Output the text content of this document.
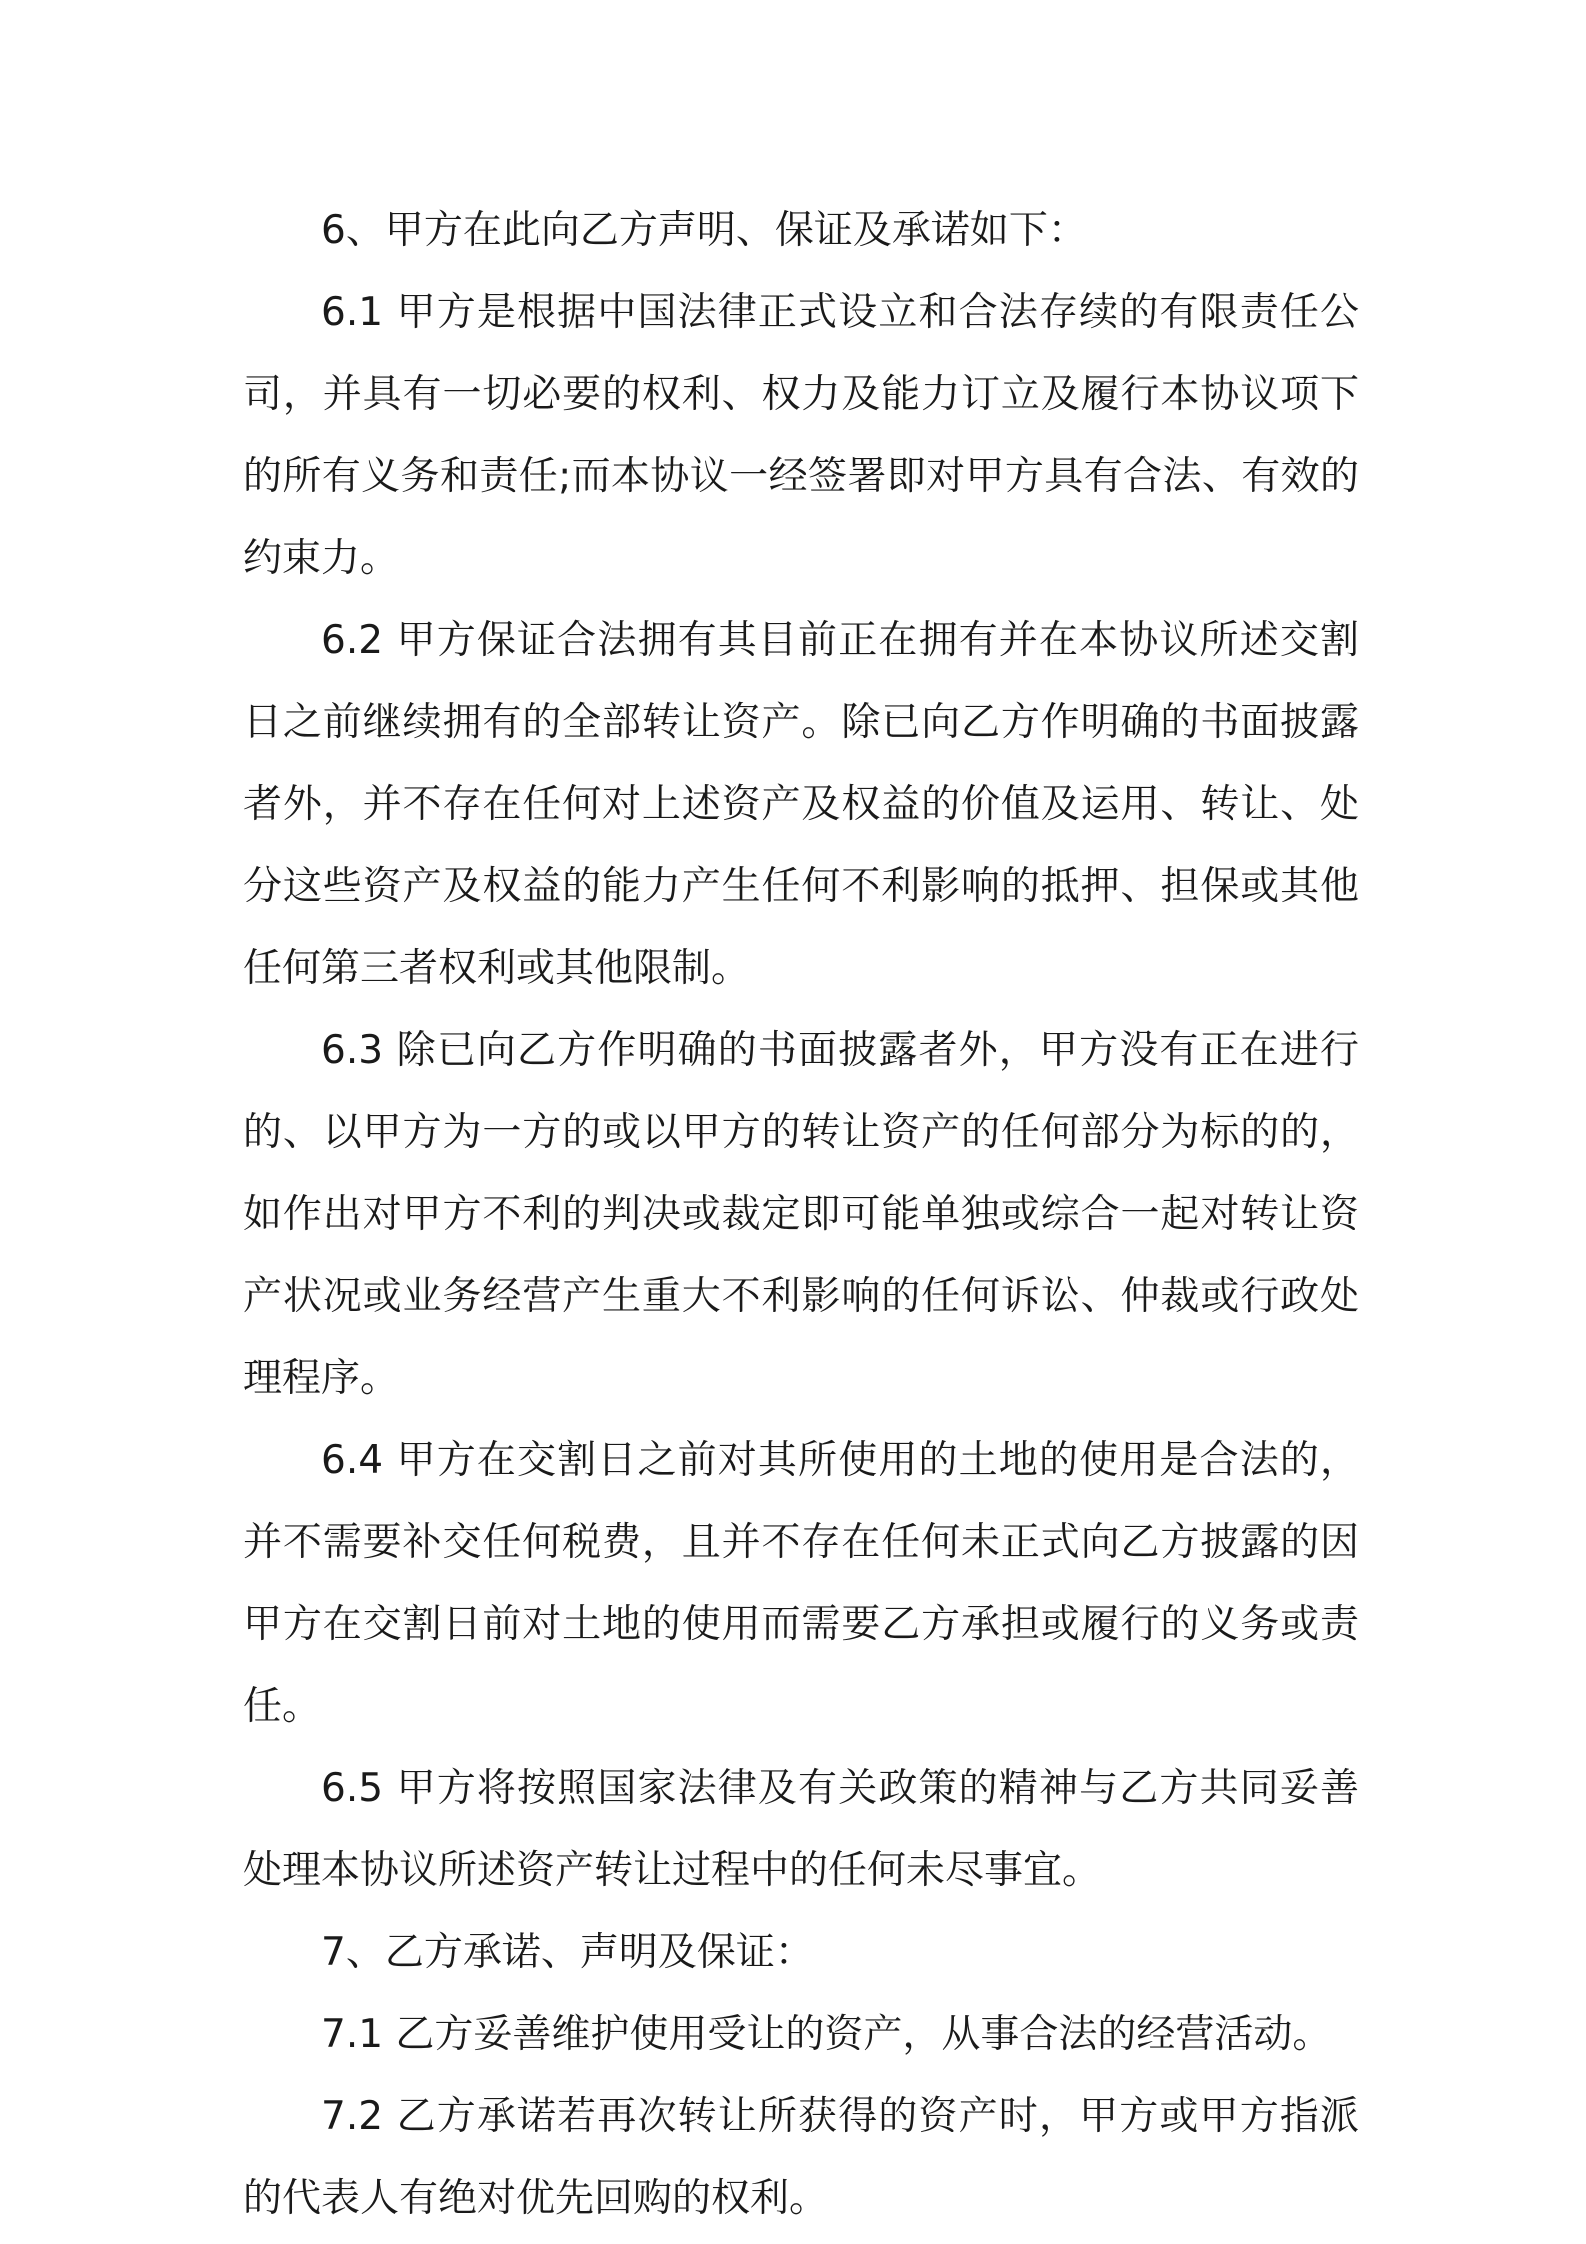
6、甲方在此向乙方声明、保证及承诺如下：

6.1 甲方是根据中国法律正式设立和合法存续的有限责任公司，并具有一切必要的权利、权力及能力订立及履行本协议项下的所有义务和责任;而本协议一经签署即对甲方具有合法、有效的约束力。

6.2 甲方保证合法拥有其目前正在拥有并在本协议所述交割日之前继续拥有的全部转让资产。除已向乙方作明确的书面披露者外，并不存在任何对上述资产及权益的价值及运用、转让、处分这些资产及权益的能力产生任何不利影响的抵押、担保或其他任何第三者权利或其他限制。

6.3 除已向乙方作明确的书面披露者外，甲方没有正在进行的、以甲方为一方的或以甲方的转让资产的任何部分为标的的，如作出对甲方不利的判决或裁定即可能单独或综合一起对转让资产状况或业务经营产生重大不利影响的任何诉讼、仲裁或行政处理程序。

6.4 甲方在交割日之前对其所使用的土地的使用是合法的，并不需要补交任何税费，且并不存在任何未正式向乙方披露的因甲方在交割日前对土地的使用而需要乙方承担或履行的义务或责任。

6.5 甲方将按照国家法律及有关政策的精神与乙方共同妥善处理本协议所述资产转让过程中的任何未尽事宜。

7、乙方承诺、声明及保证：

7.1 乙方妥善维护使用受让的资产，从事合法的经营活动。

7.2 乙方承诺若再次转让所获得的资产时，甲方或甲方指派的代表人有绝对优先回购的权利。
